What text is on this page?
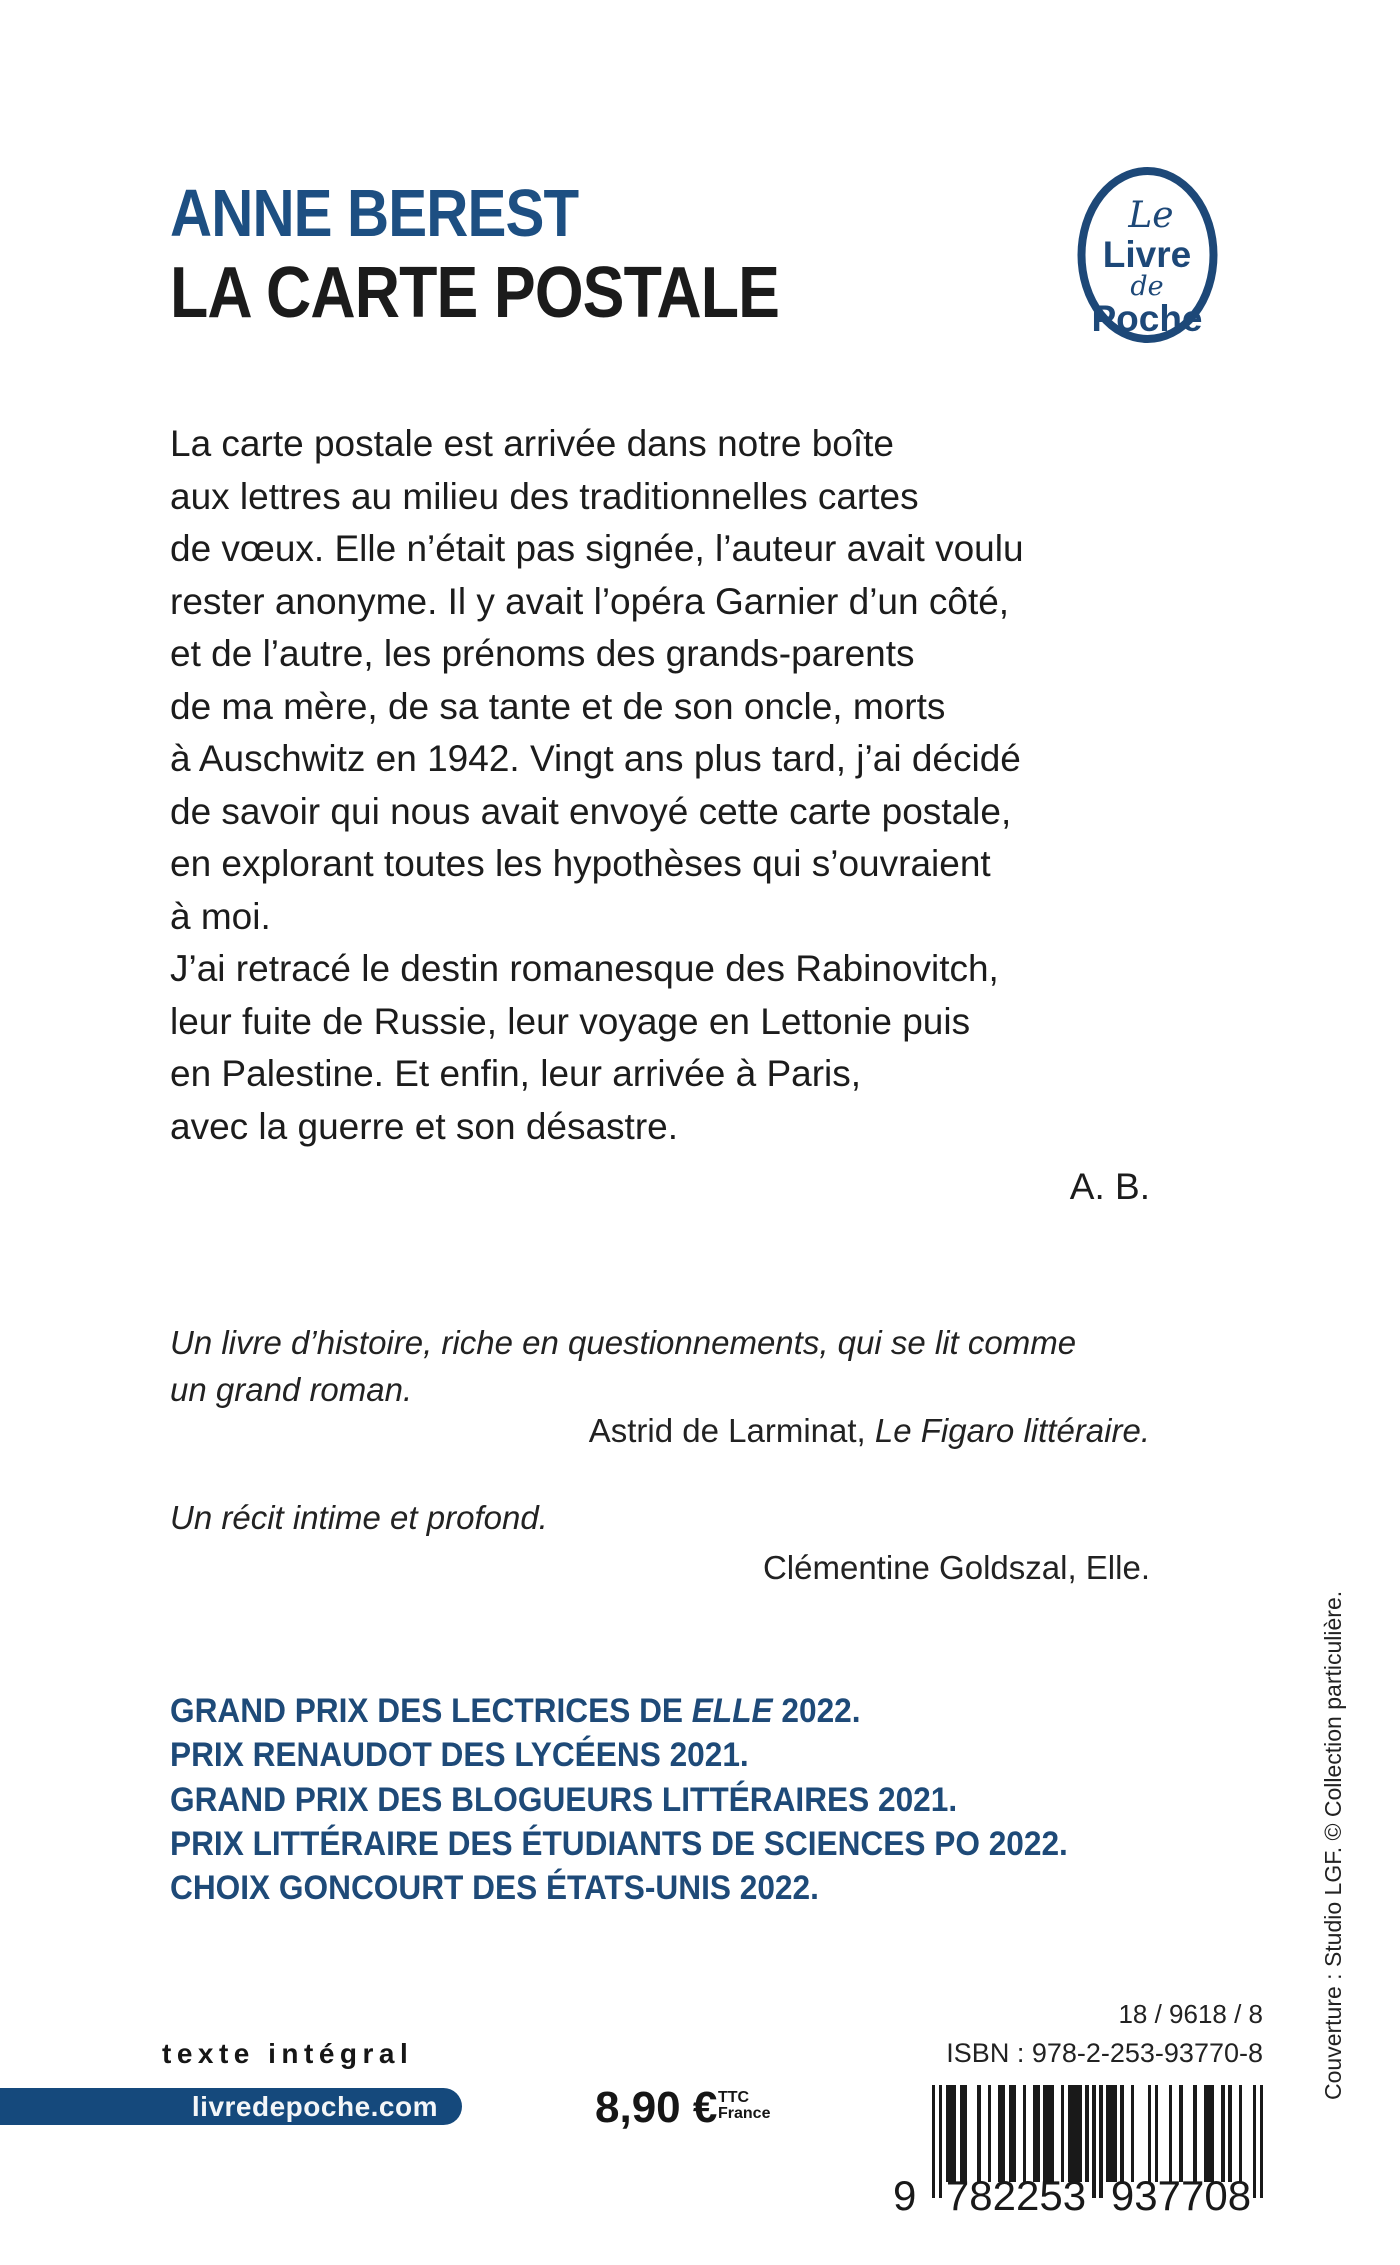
ANNE BEREST
LA CARTE POSTALE
Le
Livre
de
Poche
La carte postale est arrivée dans notre boîte
aux lettres au milieu des traditionnelles cartes
de vœux. Elle n’était pas signée, l’auteur avait voulu
rester anonyme. Il y avait l’opéra Garnier d’un côté,
et de l’autre, les prénoms des grands-parents
de ma mère, de sa tante et de son oncle, morts
à Auschwitz en 1942. Vingt ans plus tard, j’ai décidé
de savoir qui nous avait envoyé cette carte postale,
en explorant toutes les hypothèses qui s’ouvraient
à moi.
J’ai retracé le destin romanesque des Rabinovitch,
leur fuite de Russie, leur voyage en Lettonie puis
en Palestine. Et enfin, leur arrivée à Paris,
avec la guerre et son désastre.
A. B.
Un livre d’histoire, riche en questionnements, qui se lit comme
un grand roman.
Astrid de Larminat, Le Figaro littéraire.
Un récit intime et profond.
Clémentine Goldszal, Elle.
GRAND PRIX DES LECTRICES DE ELLE 2022.
PRIX RENAUDOT DES LYCÉENS 2021.
GRAND PRIX DES BLOGUEURS LITTÉRAIRES 2021.
PRIX LITTÉRAIRE DES ÉTUDIANTS DE SCIENCES PO 2022.
CHOIX GONCOURT DES ÉTATS-UNIS 2022.
texte intégral
livredepoche.com	8,90 € TTC
France
18 / 9618 / 8
ISBN : 978-2-253-93770-8
9 782253 937708
Couverture : Studio LGF. © Collection particulière.
